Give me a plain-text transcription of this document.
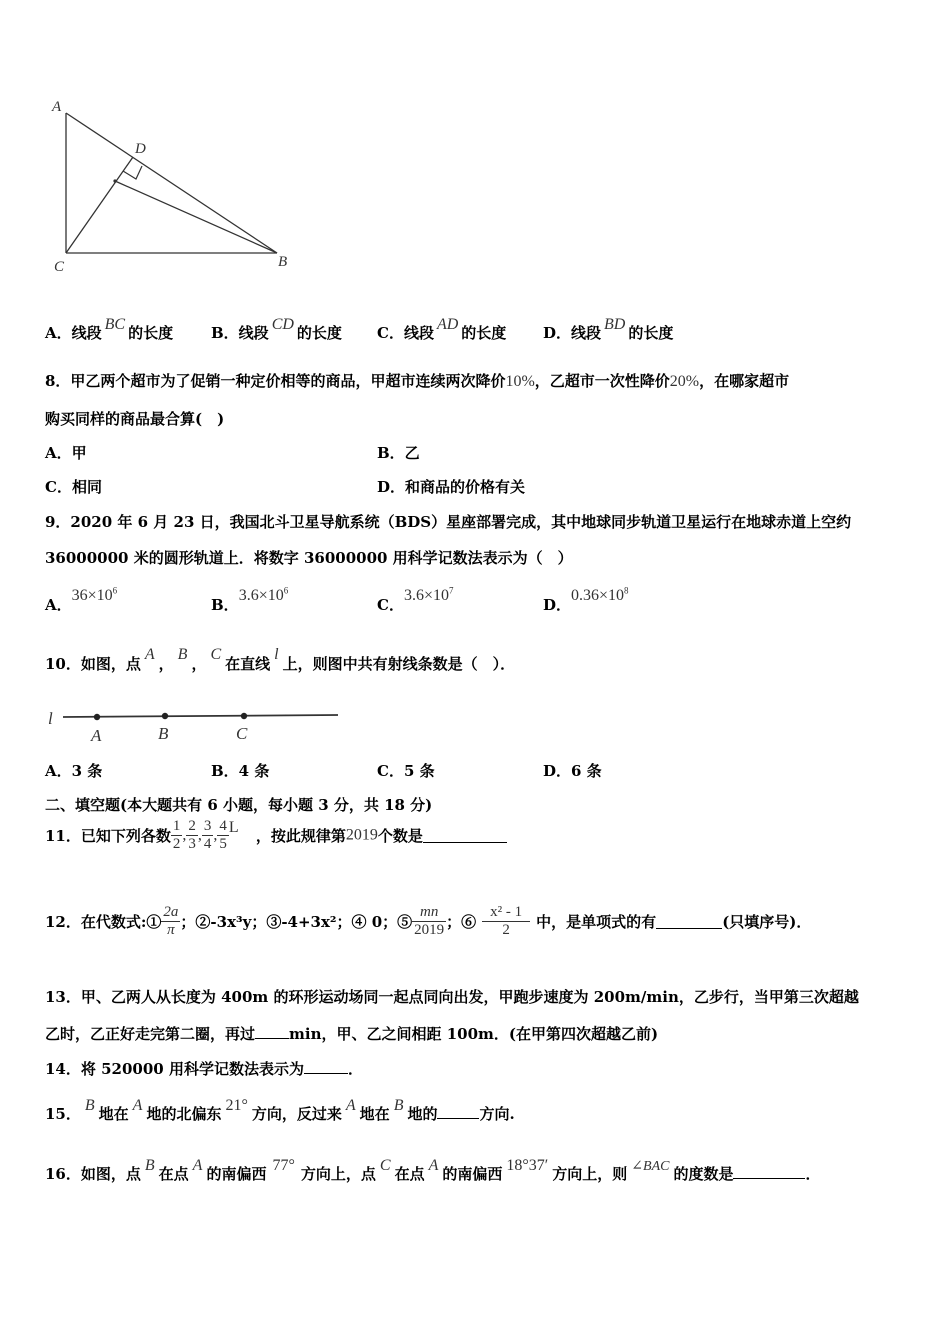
A
D
C	B
A．线段 BC 的长度	B．线段 CD 的长度 C．线段 AD 的长度 D．线段 BD 的长度
8．甲乙两个超市为了促销一种定价相等的商品，甲超市连续两次降价10%，乙超市一次性降价20%，在哪家超市
购买同样的商品最合算(　)
A．甲	B．乙
C．相同	D．和商品的价格有关
9．2020 年 6 月 23 日，我国北斗卫星导航系统（BDS）星座部署完成，其中地球同步轨道卫星运行在地球赤道上空约
36000000 米的圆形轨道上．将数字 36000000 用科学记数法表示为（　）
A．$36\times 10^6$
B．$3.6\times 10^6$
C．$3.6\times 10^7$
D．$0.36\times 10^8$
10．如图，点A，B，C在直线l上，则图中共有射线条数是（　）．
l
A	B	C
A．3 条	B．4 条	C．5 条	D．6 条
二、填空题(本大题共有 6 小题，每小题 3 分，共 18 分)
11．已知下列各数 $\frac{1}{2}$ , $\frac{2}{3}$ , $\frac{3}{4}$ , $\frac{4}{5}$ L ，按此规律第2019个数是
12．在代数式:① $\frac{2a}{\pi}$ ；②-3x³y；③-4+3x²；④ 0；⑤ $\frac{mn}{2019}$ ；⑥ $\frac{\text{x² - 1}}{2}$ 中，是单项式的有	(只填序号)．
13．甲、乙两人从长度为 400m 的环形运动场同一起点同向出发，甲跑步速度为 200m/min，乙步行，当甲第三次超越
乙时，乙正好走完第二圈，再过 min，甲、乙之间相距 100m．(在甲第四次超越乙前)
14．将 520000 用科学记数法表示为	．
15． B 地在 A 地的北偏东 21° 方向，反过来 A 地在 B 地的	方向.
16．如图，点 B 在点 A 的南偏西 77° 方向上，点 C 在点 A 的南偏西 18°37′ 方向上，则 ∠BAC 的度数是	．
